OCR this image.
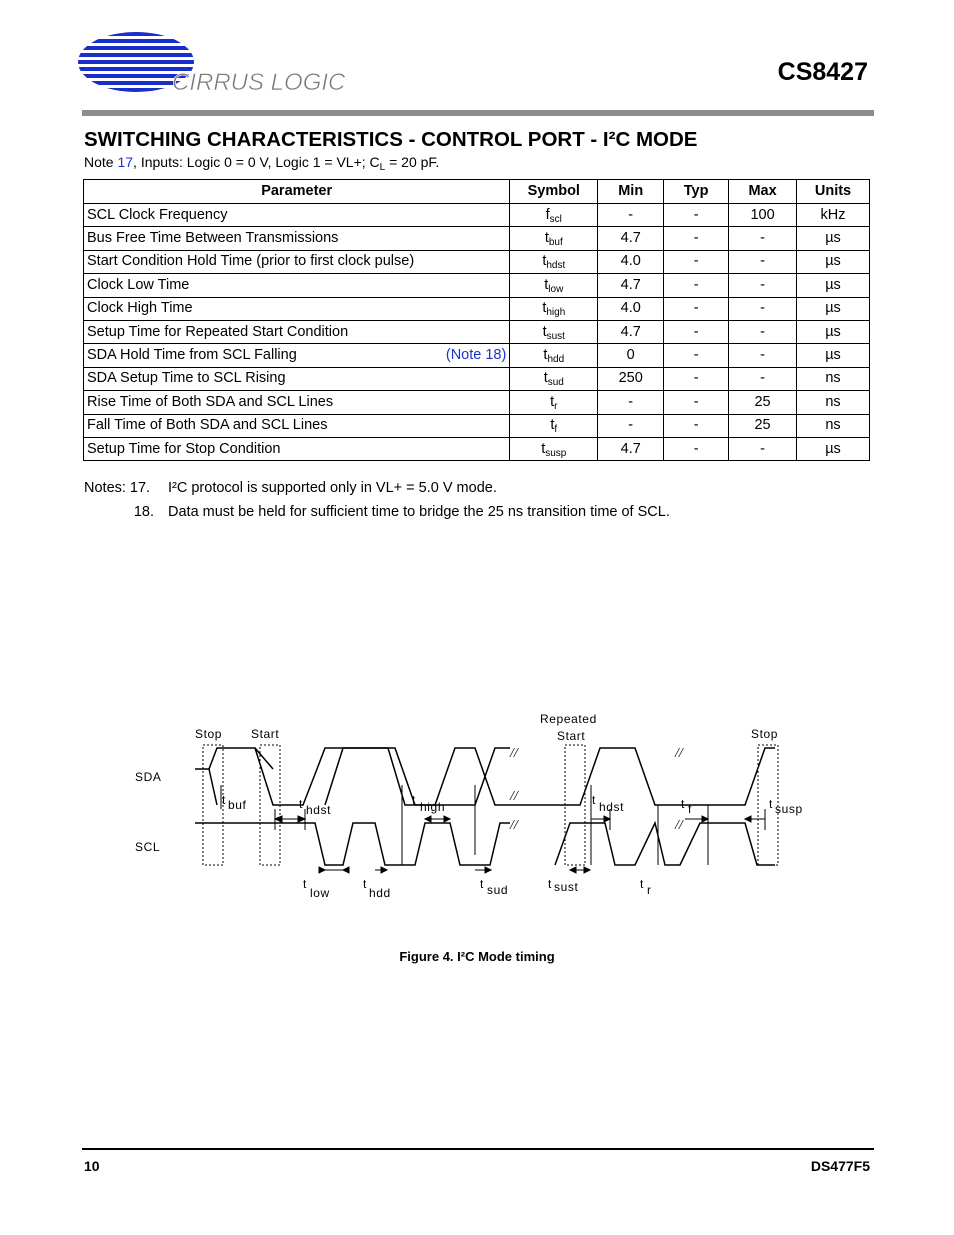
CIRRUS LOGIC	CS8427
SWITCHING CHARACTERISTICS - CONTROL PORT - I²C MODE
Note 17, Inputs: Logic 0 = 0 V, Logic 1 = VL+; $C_L = 20$ pF.
Parameter	Symbol	Min	Typ	Max	Units
SCL Clock Frequency	$f_{scl}$	-	-	100	kHz
Bus Free Time Between Transmissions	$t_{buf}$	4.7	-	-	µs
Start Condition Hold Time (prior to first clock pulse)	$t_{hdst}$	4.0	-	-	µs
Clock Low Time	$t_{low}$	4.7	-	-	µs
Clock High Time	$t_{high}$	4.0	-	-	µs
Setup Time for Repeated Start Condition	$t_{sust}$	4.7	-	-	µs
SDA Hold Time from SCL Falling (Note 18)	$t_{hdd}$	0	-	-	µs
SDA Setup Time to SCL Rising	$t_{sud}$	250	-	-	ns
Rise Time of Both SDA and SCL Lines	$t_r$	-	-	25	ns
Fall Time of Both SDA and SCL Lines	$t_f$	-	-	25	ns
Setup Time for Stop Condition	$t_{susp}$	4.7	-	-	µs
Notes: 17. I²C protocol is supported only in VL+ = 5.0 V mode.
18. Data must be held for sufficient time to bridge the 25 ns transition time of SCL.
//
//
//
//
//
SDA
SCL
Stop Start
Repeated
Start	Stop
t buf	t hdst
t high	t hdst	t f	t susp
t
low
t
hdd
t sud	t sust	t r
Figure 4. I²C Mode timing
10	DS477F5
